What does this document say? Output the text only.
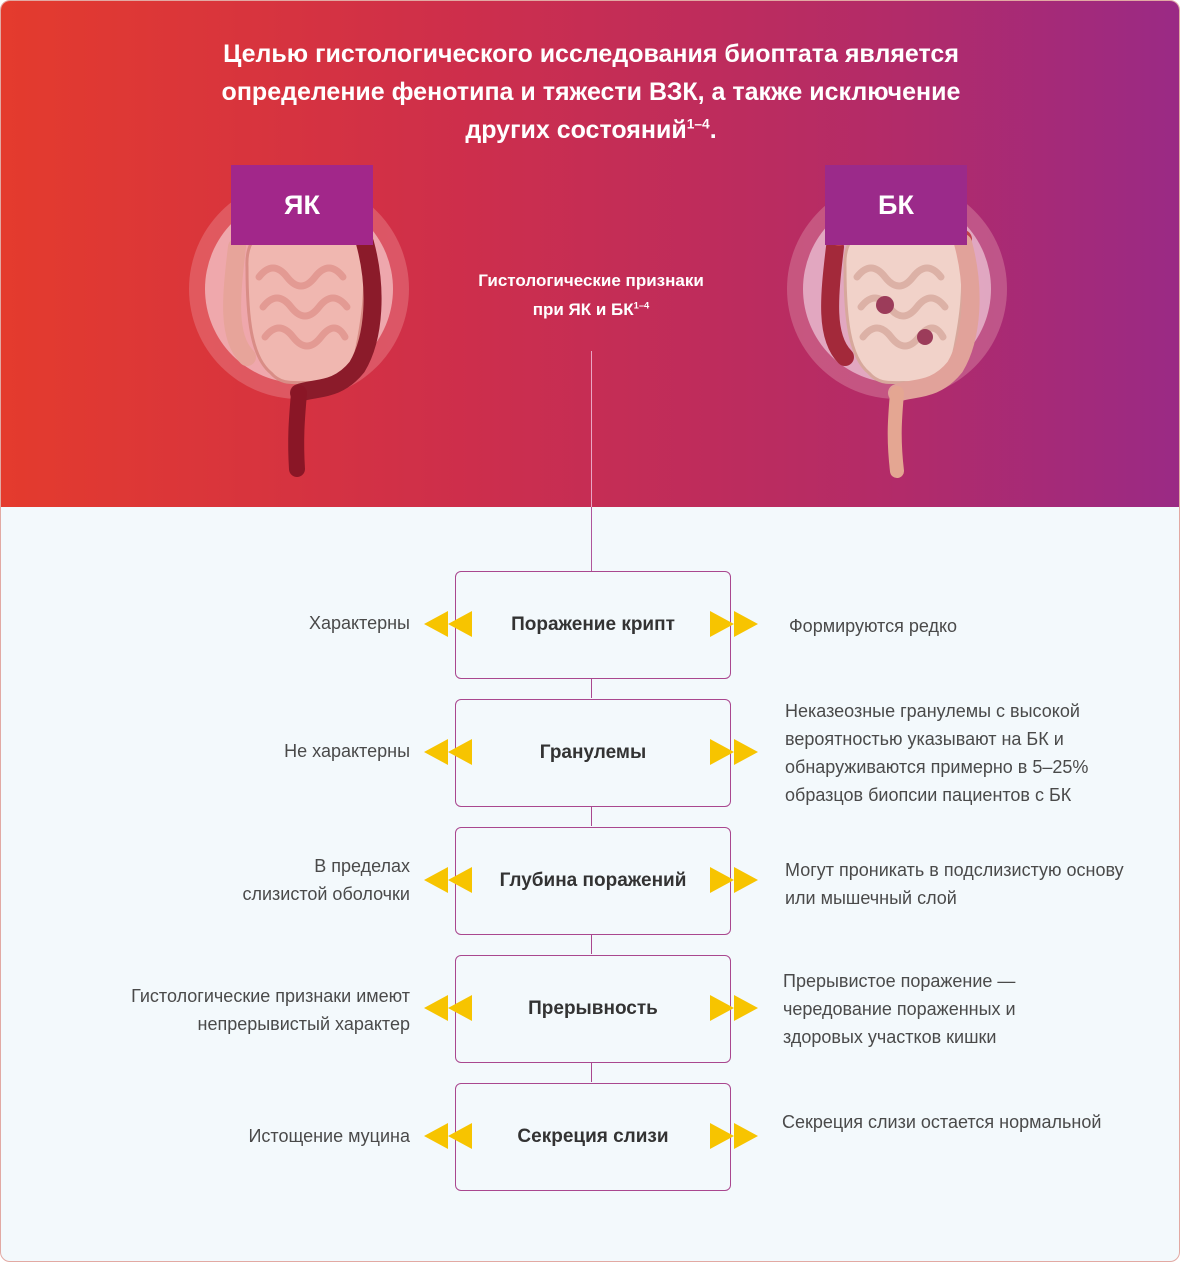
Целью гистологического исследования биоптата является определение фенотипа и тяжести ВЗК, а также исключение других состояний$^{1-4}$.
ЯК
Гистологические признаки
при ЯК и БК$^{1-4}$
БК
Поражение крипт
Характерны	Формируются редко
Гранулемы
Не характерны
Неказеозные гранулемы с высокой
вероятностью указывают на БК и
обнаруживаются примерно в 5–25%
образцов биопсии пациентов с БК
Глубина поражений
В пределах
слизистой оболочки
Могут проникать в подслизистую основу
или мышечный слой
Прерывность
Гистологические признаки имеют
непрерывистый характер
Прерывистое поражение —
чередование пораженных и
здоровых участков кишки
Секреция слизи
Истощение муцина
Секреция слизи остается нормальной
